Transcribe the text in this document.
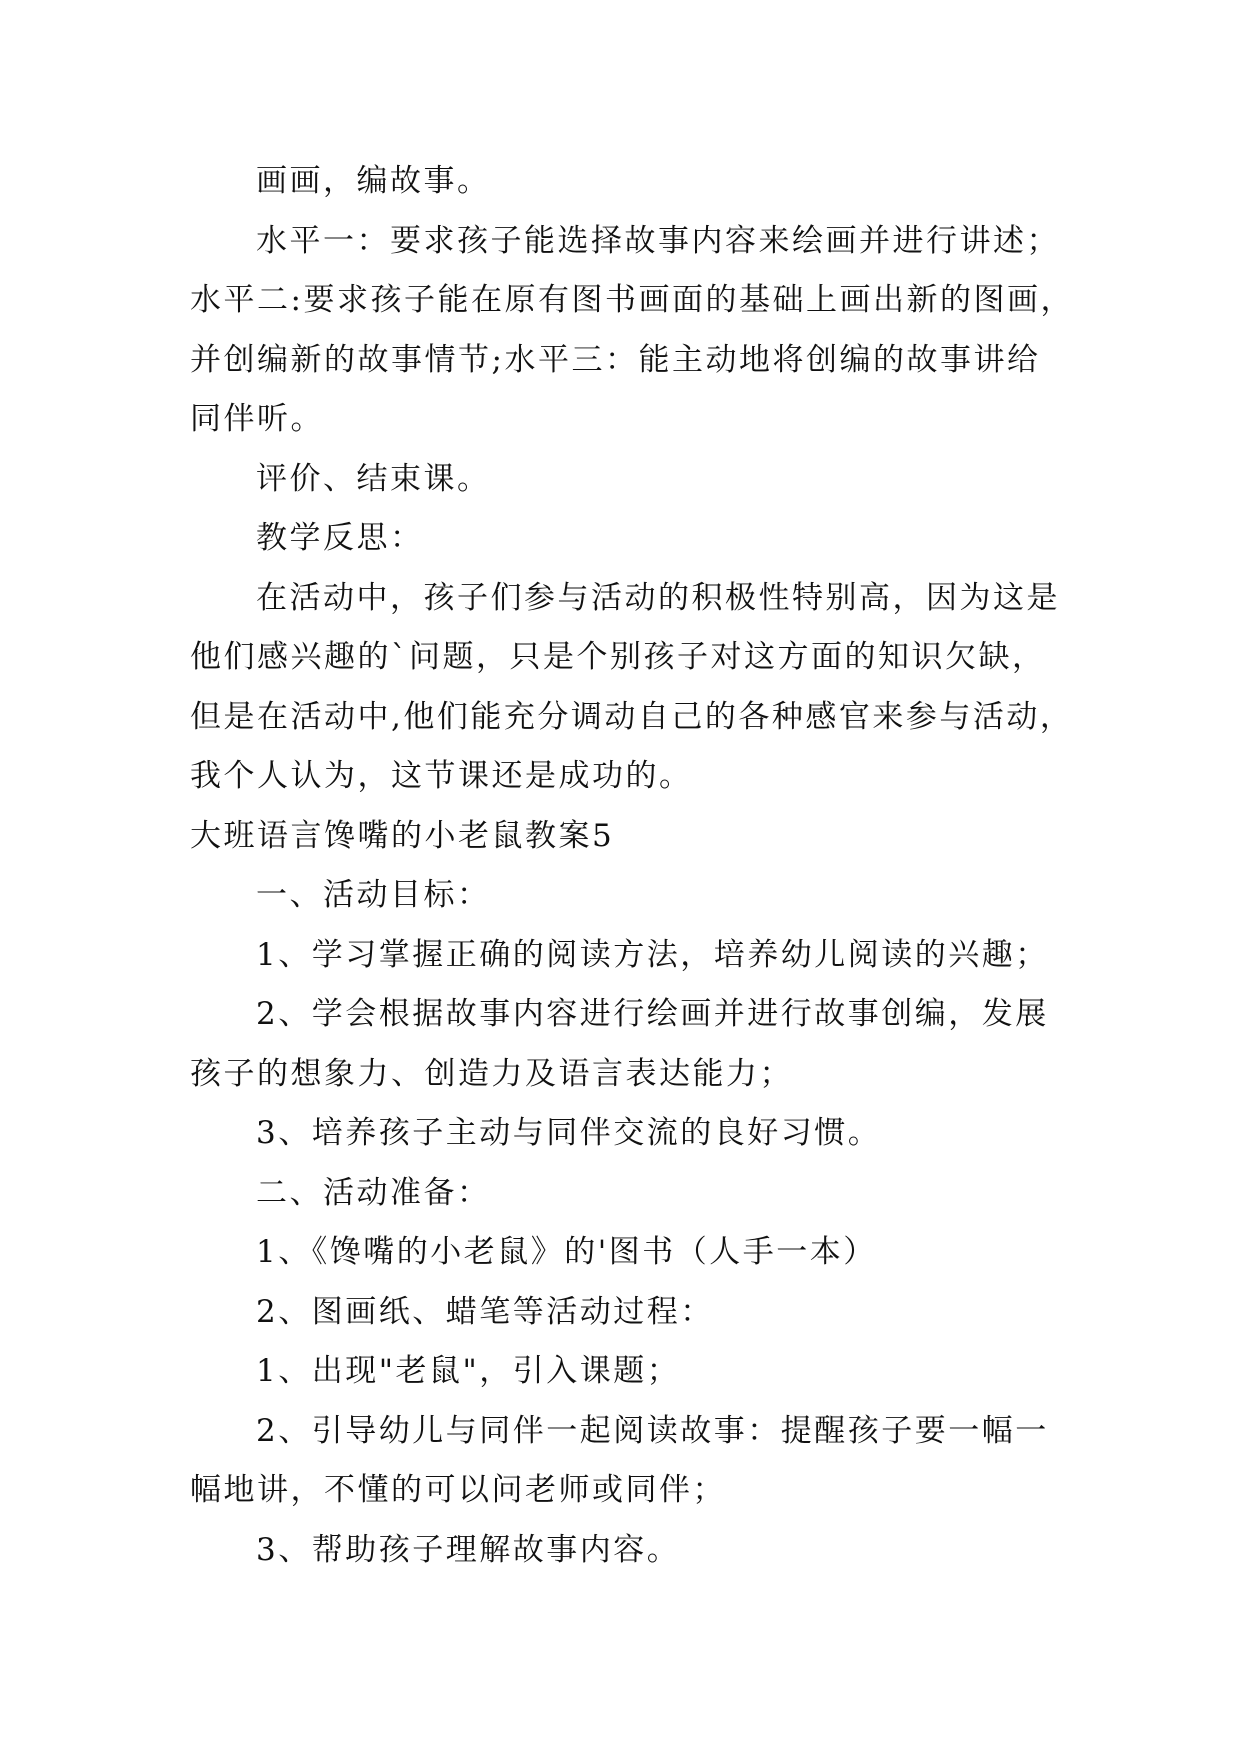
画画，编故事。

水平一：要求孩子能选择故事内容来绘画并进行讲述；

水平二:要求孩子能在原有图书画面的基础上画出新的图画，

并创编新的故事情节;水平三：能主动地将创编的故事讲给

同伴听。

评价、结束课。

教学反思：

在活动中，孩子们参与活动的积极性特别高，因为这是

他们感兴趣的`问题，只是个别孩子对这方面的知识欠缺，

但是在活动中,他们能充分调动自己的各种感官来参与活动，

我个人认为，这节课还是成功的。

大班语言馋嘴的小老鼠教案5

一、活动目标：

1、学习掌握正确的阅读方法，培养幼儿阅读的兴趣；

2、学会根据故事内容进行绘画并进行故事创编，发展

孩子的想象力、创造力及语言表达能力；

3、培养孩子主动与同伴交流的良好习惯。

二、活动准备：

1、《馋嘴的小老鼠》的'图书（人手一本）

2、图画纸、蜡笔等活动过程：

1、出现"老鼠"，引入课题；

2、引导幼儿与同伴一起阅读故事：提醒孩子要一幅一

幅地讲，不懂的可以问老师或同伴；

3、帮助孩子理解故事内容。
